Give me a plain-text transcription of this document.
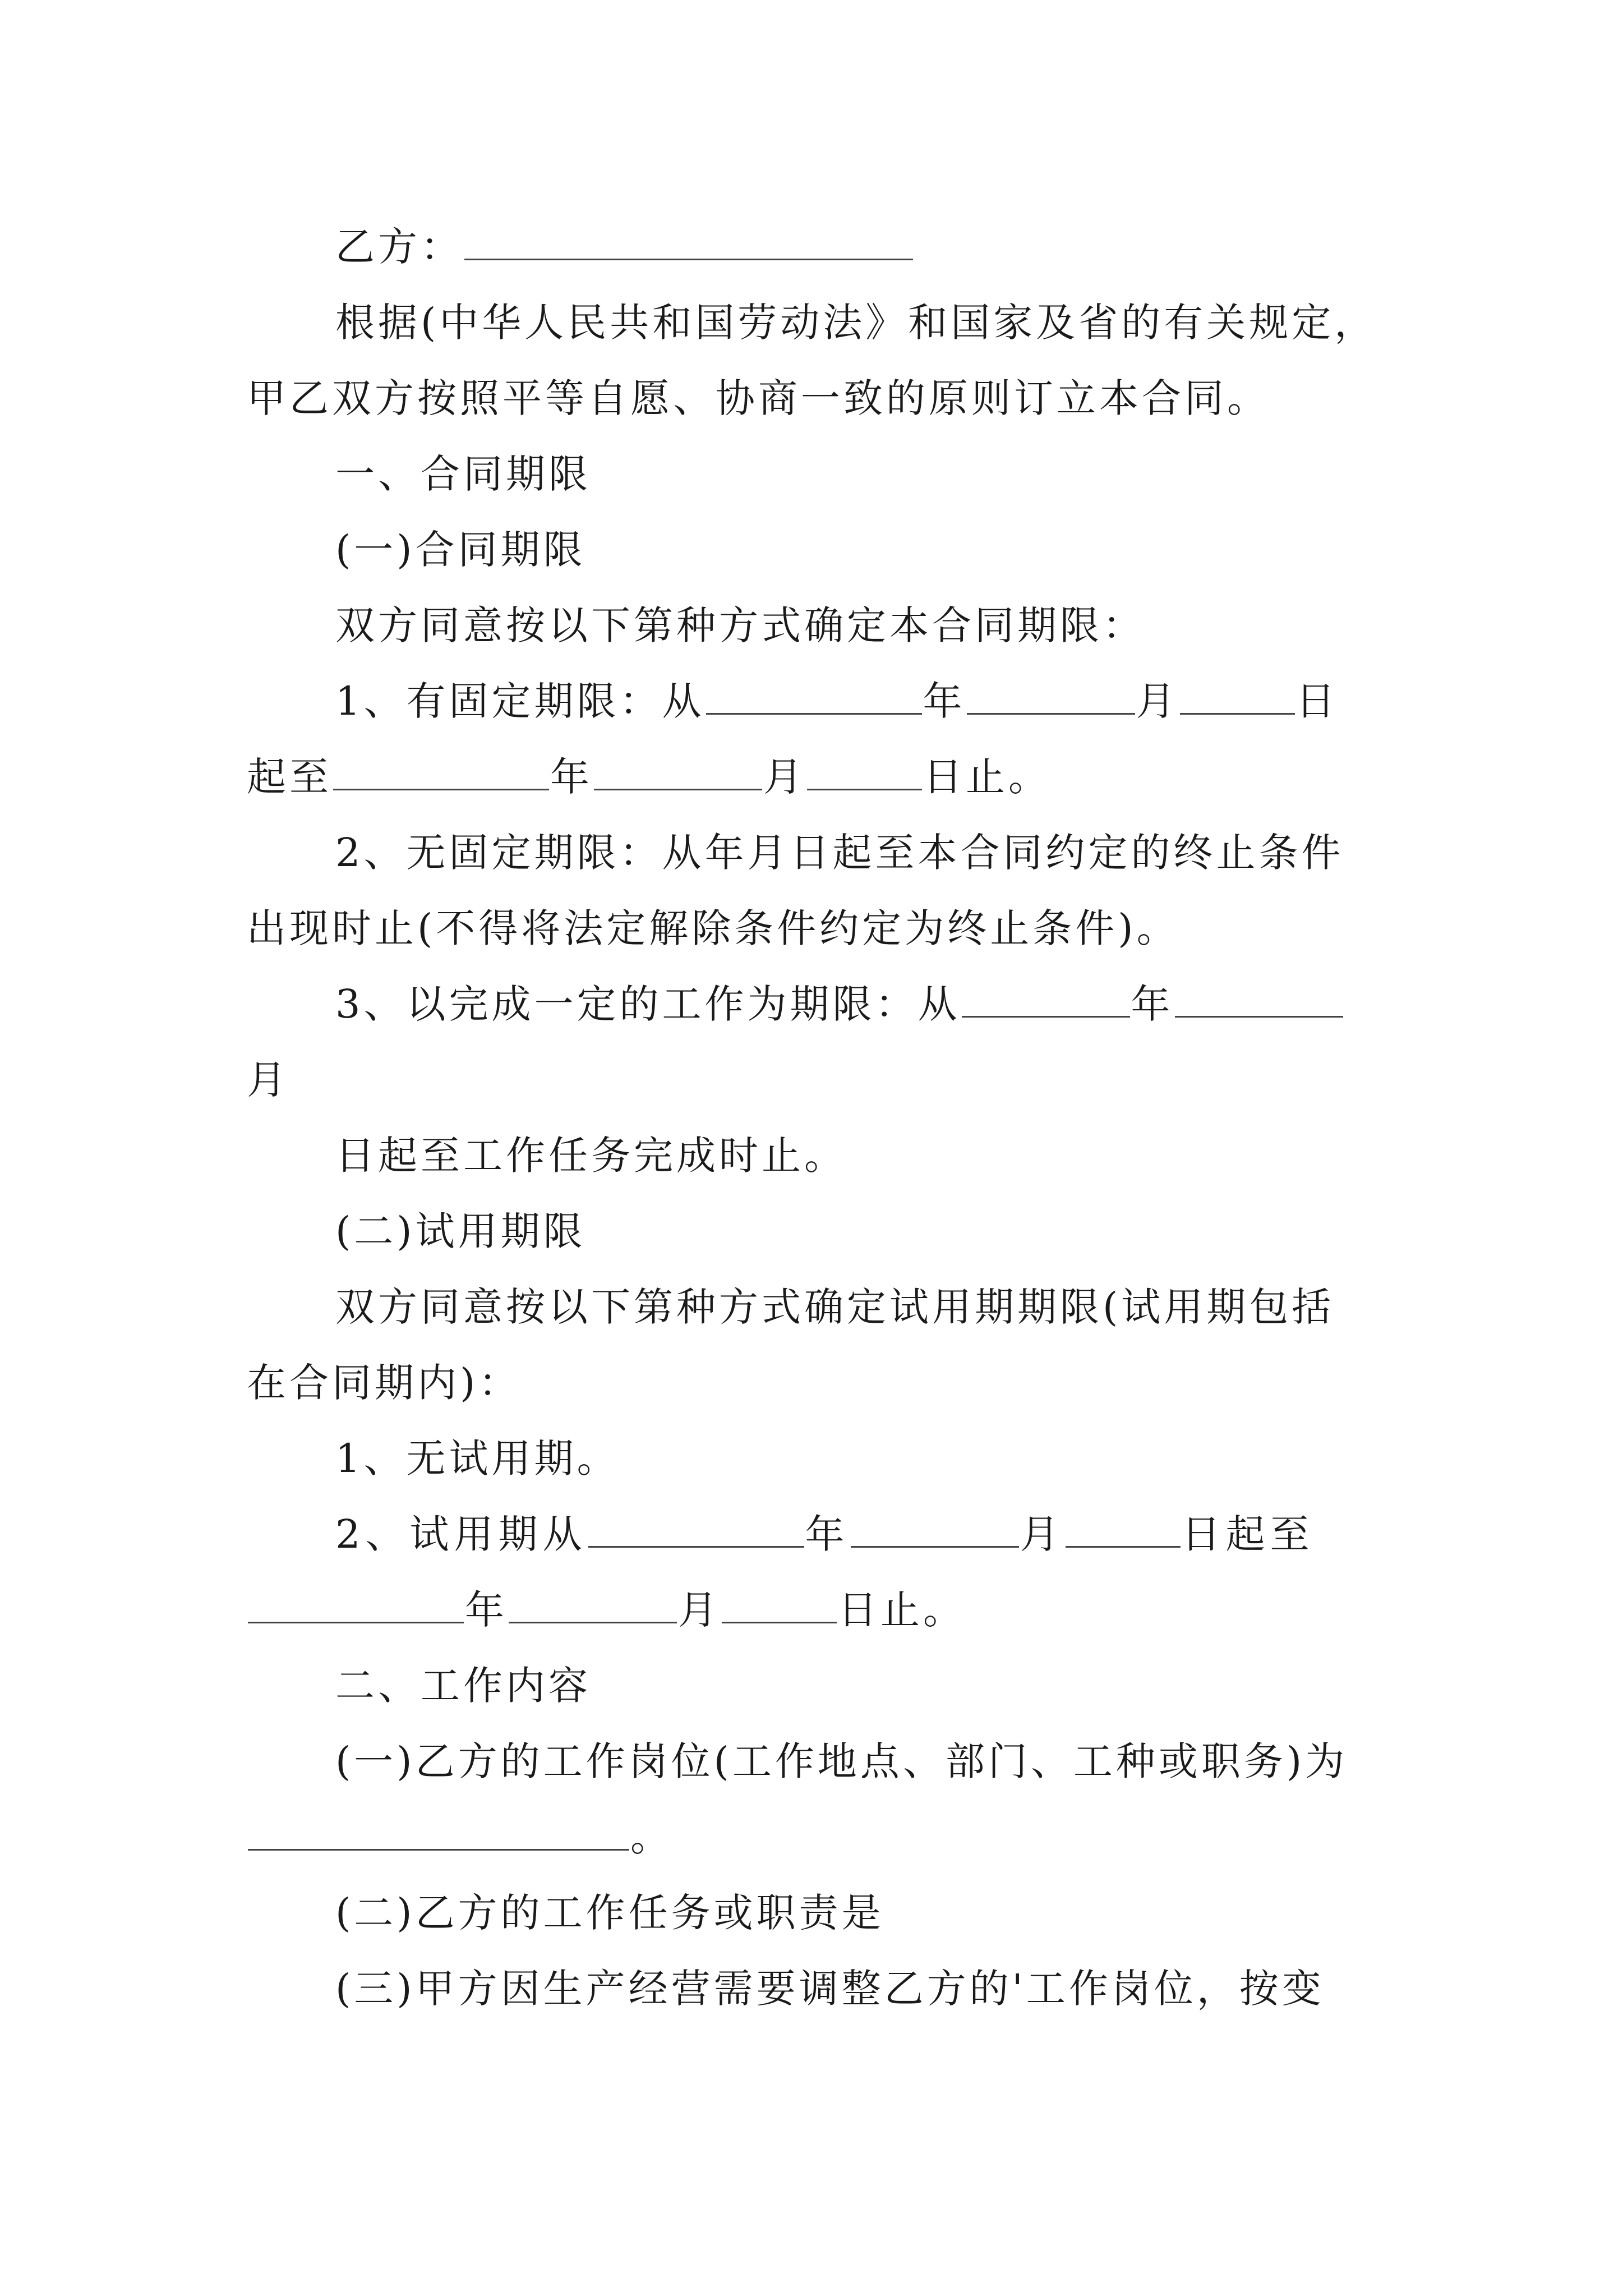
乙方：
根据(中华人民共和国劳动法》和国家及省的有关规定，
甲乙双方按照平等自愿、协商一致的原则订立本合同。
一、合同期限
(一)合同期限
双方同意按以下第种方式确定本合同期限：
1、有固定期限：从	年	月	日
起至	年	月	日止。
2、无固定期限：从年月日起至本合同约定的终止条件
出现时止(不得将法定解除条件约定为终止条件)。
3、以完成一定的工作为期限：从	年
月
日起至工作任务完成时止。
(二)试用期限
双方同意按以下第种方式确定试用期期限(试用期包括
在合同期内)：
1、无试用期。
2、试用期从	年	月	日起至
年	月	日止。
二、工作内容
(一)乙方的工作岗位(工作地点、部门、工种或职务)为
。
(二)乙方的工作任务或职责是
(三)甲方因生产经营需要调整乙方的'工作岗位，按变
